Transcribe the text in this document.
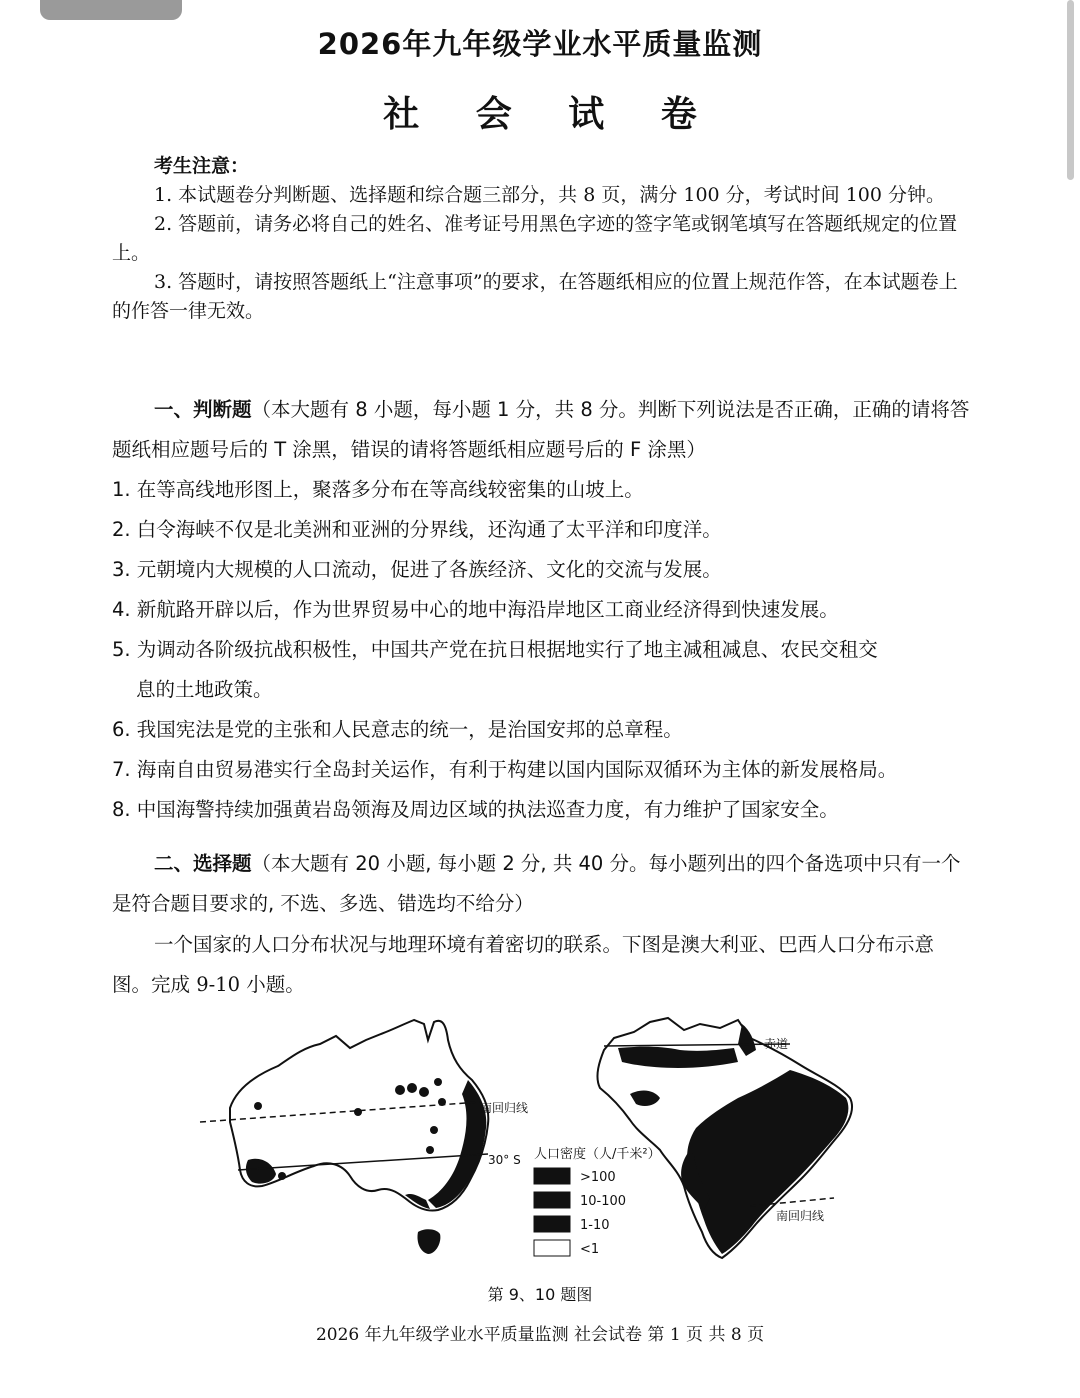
2026年九年级学业水平质量监测
社 会 试 卷
考生注意：

1. 本试题卷分判断题、选择题和综合题三部分，共 8 页，满分 100 分，考试时间 100 分钟。

2. 答题前，请务必将自己的姓名、准考证号用黑色字迹的签字笔或钢笔填写在答题纸规定的位置上。

3. 答题时，请按照答题纸上“注意事项”的要求，在答题纸相应的位置上规范作答，在本试题卷上的作答一律无效。

一、判断题（本大题有 8 小题，每小题 1 分，共 8 分。判断下列说法是否正确，正确的请将答题纸相应题号后的 T 涂黑，错误的请将答题纸相应题号后的 F 涂黑）

1. 在等高线地形图上，聚落多分布在等高线较密集的山坡上。

2. 白令海峡不仅是北美洲和亚洲的分界线，还沟通了太平洋和印度洋。

3. 元朝境内大规模的人口流动，促进了各族经济、文化的交流与发展。

4. 新航路开辟以后，作为世界贸易中心的地中海沿岸地区工商业经济得到快速发展。

5. 为调动各阶级抗战积极性，中国共产党在抗日根据地实行了地主减租减息、农民交租交

息的土地政策。

6. 我国宪法是党的主张和人民意志的统一，是治国安邦的总章程。

7. 海南自由贸易港实行全岛封关运作，有利于构建以国内国际双循环为主体的新发展格局。

8. 中国海警持续加强黄岩岛领海及周边区域的执法巡查力度，有力维护了国家安全。

二、选择题（本大题有 20 小题, 每小题 2 分, 共 40 分。每小题列出的四个备选项中只有一个是符合题目要求的, 不选、多选、错选均不给分）

一个国家的人口分布状况与地理环境有着密切的联系。下图是澳大利亚、巴西人口分布示意图。完成 9-10 小题。

南回归线
30° S 人口密度（人/千米²）
>100
10-100
1-10
<1
赤道
南回归线
第 9、10 题图
2026 年九年级学业水平质量监测 社会试卷 第 1 页 共 8 页
